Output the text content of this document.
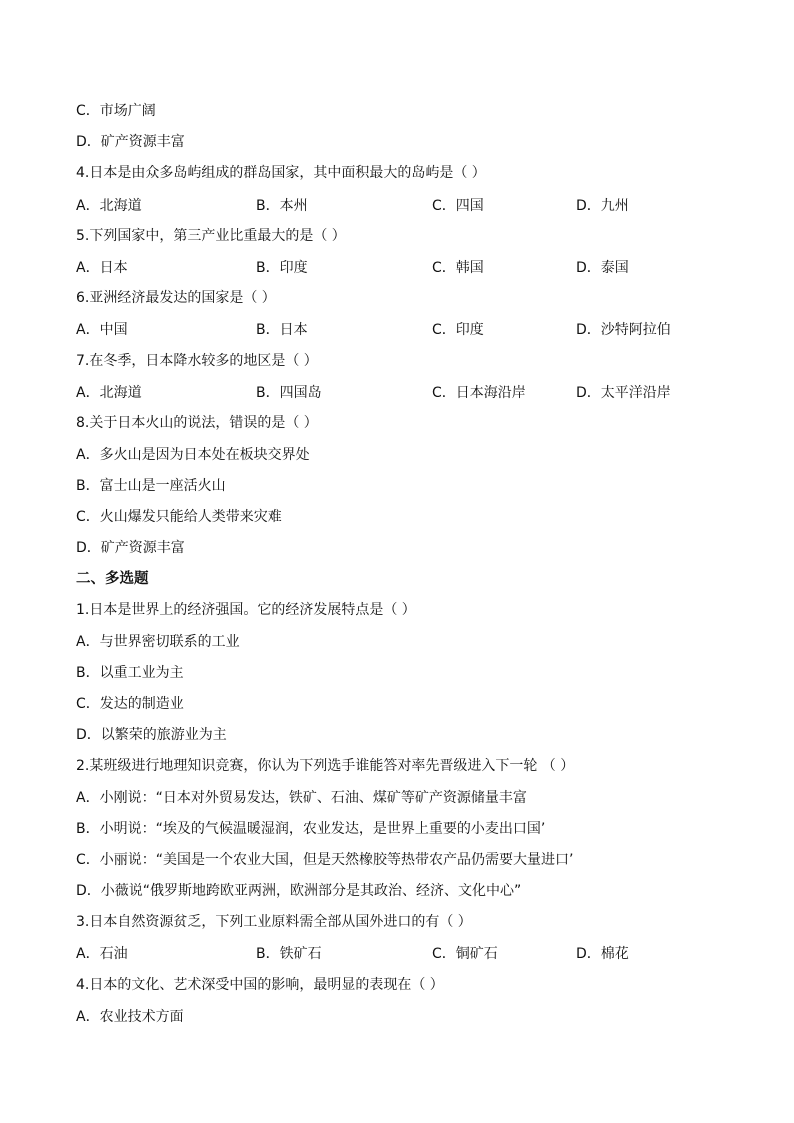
C．市场广阔
D．矿产资源丰富
4.日本是由众多岛屿组成的群岛国家，其中面积最大的岛屿是（ ）
A．北海道	B．本州	C．四国	D．九州
5.下列国家中，第三产业比重最大的是（ ）
A．日本	B．印度	C．韩国	D．泰国
6.亚洲经济最发达的国家是（ ）
A．中国	B．日本	C．印度	D．沙特阿拉伯
7.在冬季，日本降水较多的地区是（ ）
A．北海道	B．四国岛	C．日本海沿岸	D．太平洋沿岸
8.关于日本火山的说法，错误的是（ ）
A．多火山是因为日本处在板块交界处
B．富士山是一座活火山
C．火山爆发只能给人类带来灾难
D．矿产资源丰富
二、多选题
1.日本是世界上的经济强国。它的经济发展特点是（ ）
A．与世界密切联系的工业
B．以重工业为主
C．发达的制造业
D．以繁荣的旅游业为主
2.某班级进行地理知识竞赛，你认为下列选手谁能答对率先晋级进入下一轮 （ ）
A．小刚说：“日本对外贸易发达，铁矿、石油、煤矿等矿产资源储量丰富
B．小明说：“埃及的气候温暖湿润，农业发达，是世界上重要的小麦出口国’
C．小丽说：“美国是一个农业大国，但是天然橡胶等热带农产品仍需要大量进口’
D．小薇说“俄罗斯地跨欧亚两洲，欧洲部分是其政治、经济、文化中心”
3.日本自然资源贫乏，下列工业原料需全部从国外进口的有（ ）
A．石油	B．铁矿石	C．铜矿石	D．棉花
4.日本的文化、艺术深受中国的影响，最明显的表现在（ ）
A．农业技术方面
